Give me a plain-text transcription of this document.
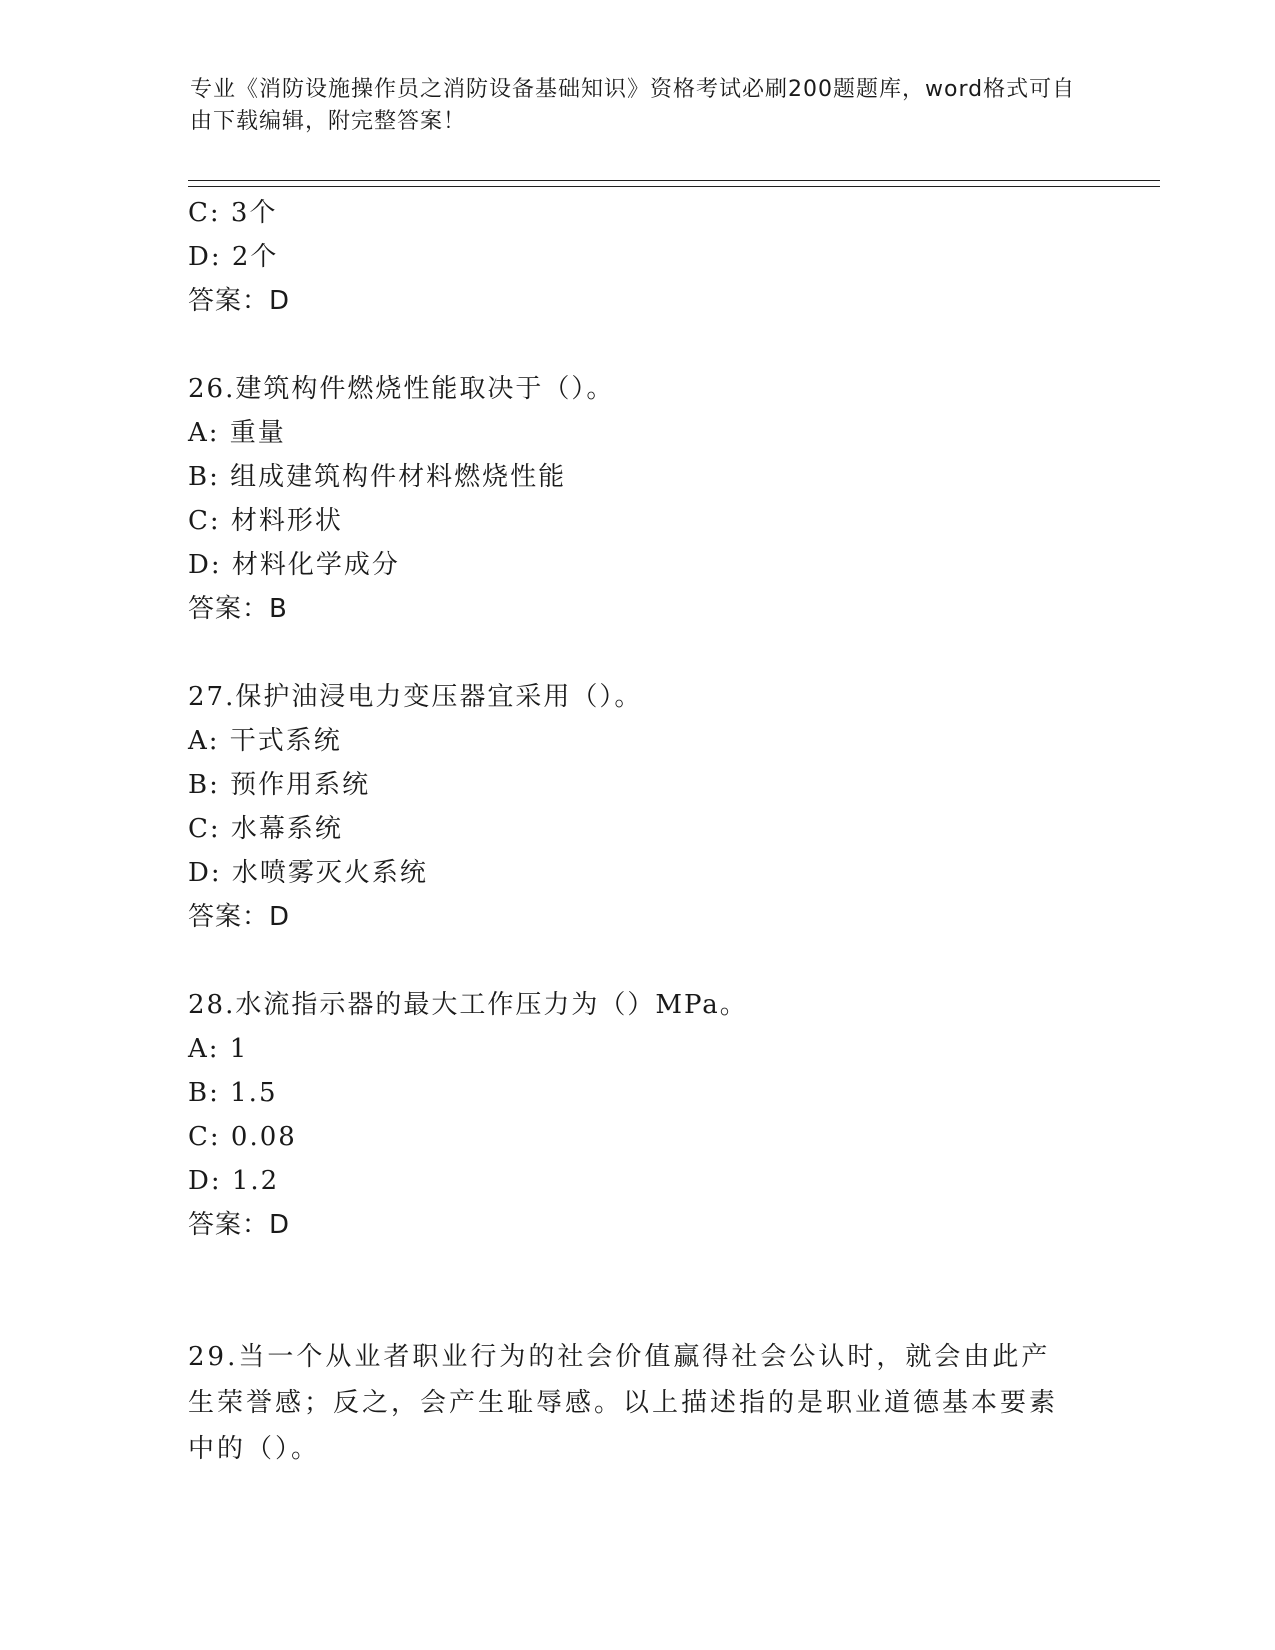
专业《消防设施操作员之消防设备基础知识》资格考试必刷200题题库，word格式可自由下载编辑，附完整答案！
C: 3个
D: 2个
答案：D
26.建筑构件燃烧性能取决于（）。
A: 重量
B: 组成建筑构件材料燃烧性能
C: 材料形状
D: 材料化学成分
答案：B
27.保护油浸电力变压器宜采用（）。
A: 干式系统
B: 预作用系统
C: 水幕系统
D: 水喷雾灭火系统
答案：D
28.水流指示器的最大工作压力为（）MPa。
A: 1
B: 1.5
C: 0.08
D: 1.2
答案：D
29.当一个从业者职业行为的社会价值赢得社会公认时，就会由此产生荣誉感；反之，会产生耻辱感。以上描述指的是职业道德基本要素中的（）。
